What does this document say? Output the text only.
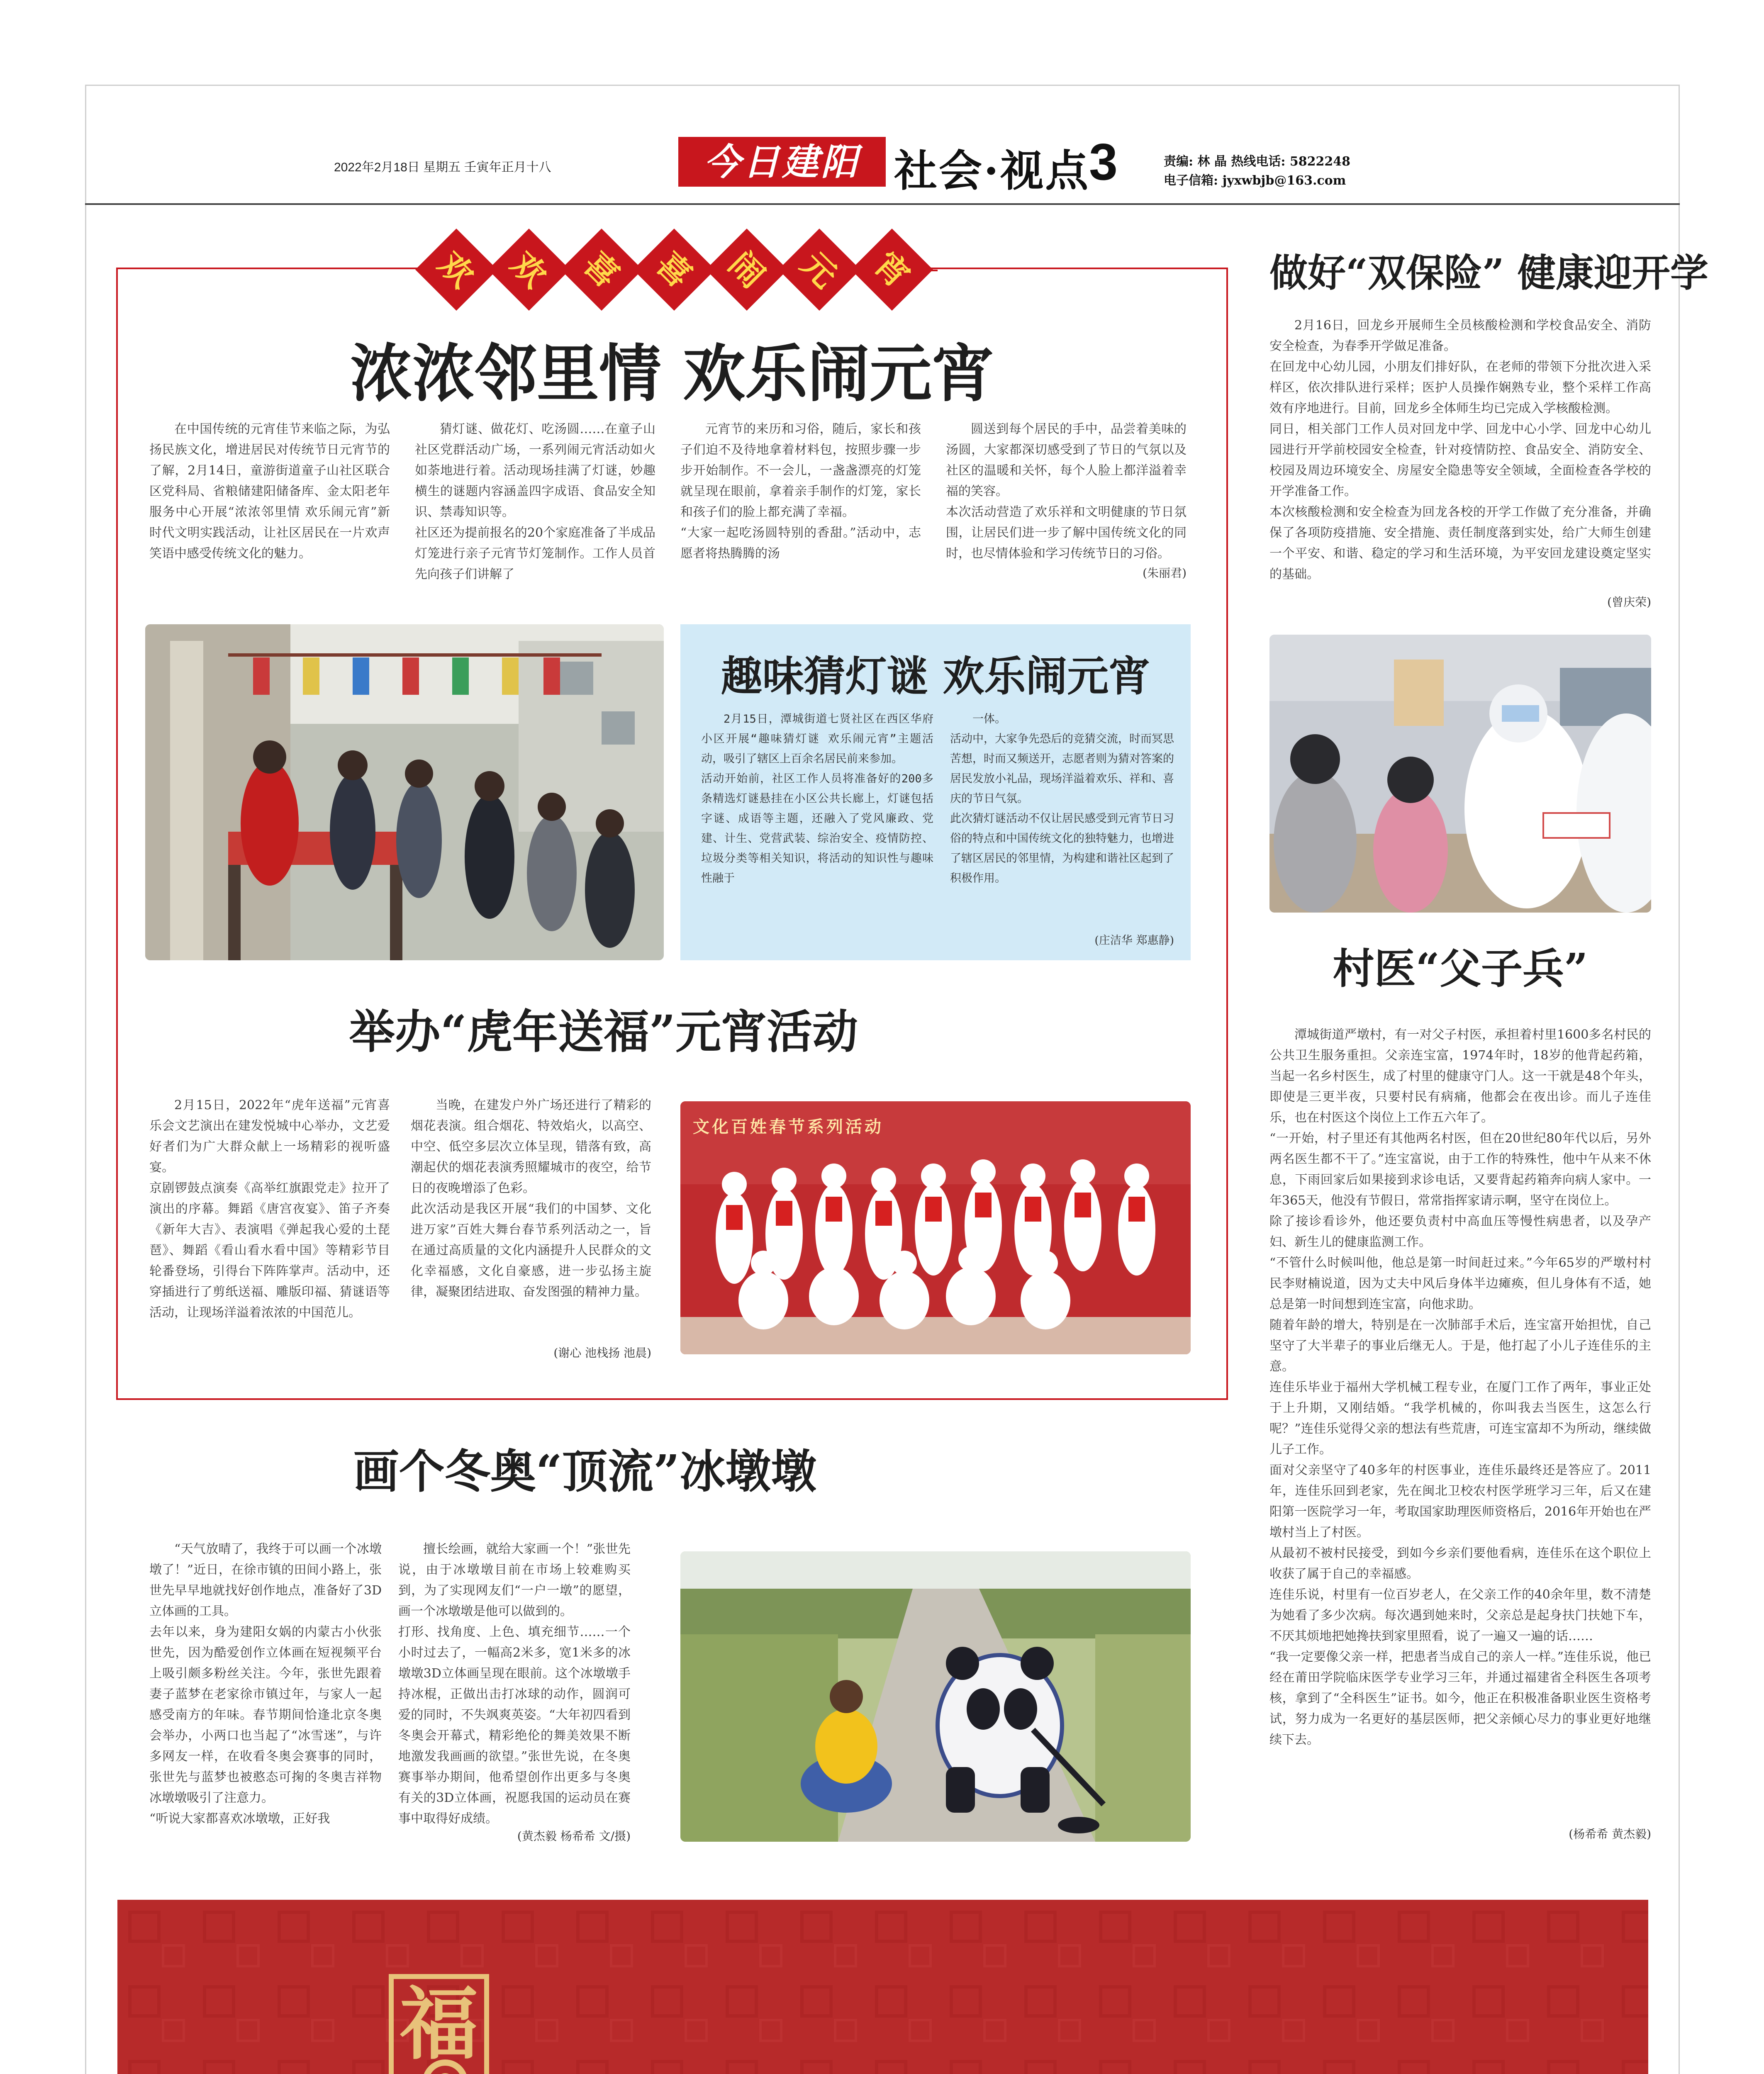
2022年2月18日 星期五 壬寅年正月十八	今日建阳 社会·视点
3	责编: 林 晶 热线电话: 5822248
电子信箱: jyxwbjb@163.com
欢 欢 喜 喜 闹 元 宵
浓浓邻里情 欢乐闹元宵
在中国传统的元宵佳节来临之际，为弘扬民族文化，增进居民对传统节日元宵节的了解，2月14日，童游街道童子山社区联合区党科局、省粮储建阳储备库、金太阳老年服务中心开展“浓浓邻里情 欢乐闹元宵”新时代文明实践活动，让社区居民在一片欢声笑语中感受传统文化的魅力。
猜灯谜、做花灯、吃汤圆……在童子山社区党群活动广场，一系列闹元宵活动如火如荼地进行着。活动现场挂满了灯谜，妙趣横生的谜题内容涵盖四字成语、食品安全知识、禁毒知识等。
社区还为提前报名的20个家庭准备了半成品灯笼进行亲子元宵节灯笼制作。工作人员首先向孩子们讲解了
元宵节的来历和习俗，随后，家长和孩子们迫不及待地拿着材料包，按照步骤一步步开始制作。不一会儿，一盏盏漂亮的灯笼就呈现在眼前，拿着亲手制作的灯笼，家长和孩子们的脸上都充满了幸福。
“大家一起吃汤圆特别的香甜。”活动中，志愿者将热腾腾的汤
圆送到每个居民的手中，品尝着美味的汤圆，大家都深切感受到了节日的气氛以及社区的温暖和关怀，每个人脸上都洋溢着幸福的笑容。
本次活动营造了欢乐祥和文明健康的节日氛围，让居民们进一步了解中国传统文化的同时，也尽情体验和学习传统节日的习俗。
(朱丽君)
趣味猜灯谜 欢乐闹元宵
2月15日，潭城街道七贤社区在西区华府小区开展“趣味猜灯谜 欢乐闹元宵”主题活动，吸引了辖区上百余名居民前来参加。
活动开始前，社区工作人员将准备好的200多条精选灯谜悬挂在小区公共长廊上，灯谜包括字谜、成语等主题，还融入了党风廉政、党建、计生、党营武装、综治安全、疫情防控、垃圾分类等相关知识，将活动的知识性与趣味性融于
一体。
活动中，大家争先恐后的竞猜交流，时而冥思苦想，时而又频送开，志愿者则为猜对答案的居民发放小礼品，现场洋溢着欢乐、祥和、喜庆的节日气氛。
此次猜灯谜活动不仅让居民感受到元宵节日习俗的特点和中国传统文化的独特魅力，也增进了辖区居民的邻里情，为构建和谐社区起到了积极作用。
(庄洁华 郑惠静)
举办“虎年送福”元宵活动
2月15日，2022年“虎年送福”元宵喜乐会文艺演出在建发悦城中心举办，文艺爱好者们为广大群众献上一场精彩的视听盛宴。
京剧锣鼓点演奏《高举红旗跟党走》拉开了演出的序幕。舞蹈《唐宫夜宴》、笛子齐奏《新年大吉》、表演唱《弹起我心爱的土琵琶》、舞蹈《看山看水看中国》等精彩节目轮番登场，引得台下阵阵掌声。活动中，还穿插进行了剪纸送福、雕版印福、猜谜语等活动，让现场洋溢着浓浓的中国范儿。
当晚，在建发户外广场还进行了精彩的烟花表演。组合烟花、特效焰火，以高空、中空、低空多层次立体呈现，错落有致，高潮起伏的烟花表演秀照耀城市的夜空，给节日的夜晚增添了色彩。
此次活动是我区开展“我们的中国梦、文化进万家”百姓大舞台春节系列活动之一，旨在通过高质量的文化内涵提升人民群众的文化幸福感，文化自豪感，进一步弘扬主旋律，凝聚团结进取、奋发图强的精神力量。
(谢心 池栈扬 池晨)
文化百姓春节系列活动
画个冬奥“顶流”冰墩墩
“天气放晴了，我终于可以画一个冰墩墩了！”近日，在徐市镇的田间小路上，张世先早早地就找好创作地点，准备好了3D立体画的工具。
去年以来，身为建阳女娲的内蒙古小伙张世先，因为酷爱创作立体画在短视频平台上吸引颇多粉丝关注。今年，张世先跟着妻子蓝梦在老家徐市镇过年，与家人一起感受南方的年味。春节期间恰逢北京冬奥会举办，小两口也当起了“冰雪迷”，与许多网友一样，在收看冬奥会赛事的同时，张世先与蓝梦也被憨态可掬的冬奥吉祥物冰墩墩吸引了注意力。
“听说大家都喜欢冰墩墩，正好我
擅长绘画，就给大家画一个！”张世先说，由于冰墩墩目前在市场上较难购买到，为了实现网友们“一户一墩”的愿望，画一个冰墩墩是他可以做到的。
打形、找角度、上色、填充细节……一个小时过去了，一幅高2米多，宽1米多的冰墩墩3D立体画呈现在眼前。这个冰墩墩手持冰棍，正做出击打冰球的动作，圆润可爱的同时，不失飒爽英姿。“大年初四看到冬奥会开幕式，精彩绝伦的舞美效果不断地激发我画画的欲望。”张世先说，在冬奥赛事举办期间，他希望创作出更多与冬奥有关的3D立体画，祝愿我国的运动员在赛事中取得好成绩。
(黄杰毅 杨希希 文/摄)
做好“双保险” 健康迎开学
2月16日，回龙乡开展师生全员核酸检测和学校食品安全、消防安全检查，为春季开学做足准备。
在回龙中心幼儿园，小朋友们排好队，在老师的带领下分批次进入采样区，依次排队进行采样；医护人员操作娴熟专业，整个采样工作高效有序地进行。目前，回龙乡全体师生均已完成入学核酸检测。
同日，相关部门工作人员对回龙中学、回龙中心小学、回龙中心幼儿园进行开学前校园安全检查，针对疫情防控、食品安全、消防安全、校园及周边环境安全、房屋安全隐患等安全领域，全面检查各学校的开学准备工作。
本次核酸检测和安全检查为回龙各校的开学工作做了充分准备，并确保了各项防疫措施、安全措施、责任制度落到实处，给广大师生创建一个平安、和谐、稳定的学习和生活环境，为平安回龙建设奠定坚实的基础。
(曾庆荣)
村医“父子兵”
潭城街道严墩村，有一对父子村医，承担着村里1600多名村民的公共卫生服务重担。父亲连宝富，1974年时，18岁的他背起药箱，当起一名乡村医生，成了村里的健康守门人。这一干就是48个年头，即使是三更半夜，只要村民有病痛，他都会在夜出诊。而儿子连佳乐，也在村医这个岗位上工作五六年了。
“一开始，村子里还有其他两名村医，但在20世纪80年代以后，另外两名医生都不干了。”连宝富说，由于工作的特殊性，他中午从来不休息，下雨回家后如果接到求诊电话，又要背起药箱奔向病人家中。一年365天，他没有节假日，常常指挥家请示啊，坚守在岗位上。
除了接诊看诊外，他还要负责村中高血压等慢性病患者，以及孕产妇、新生儿的健康监测工作。
“不管什么时候叫他，他总是第一时间赶过来。”今年65岁的严墩村村民李财楠说道，因为丈夫中风后身体半边瘫痪，但儿身体有不适，她总是第一时间想到连宝富，向他求助。
随着年龄的增大，特别是在一次肺部手术后，连宝富开始担忧，自己坚守了大半辈子的事业后继无人。于是，他打起了小儿子连佳乐的主意。
连佳乐毕业于福州大学机械工程专业，在厦门工作了两年，事业正处于上升期，又刚结婚。“我学机械的，你叫我去当医生，这怎么行呢？”连佳乐觉得父亲的想法有些荒唐，可连宝富却不为所动，继续做儿子工作。
面对父亲坚守了40多年的村医事业，连佳乐最终还是答应了。2011年，连佳乐回到老家，先在闽北卫校农村医学班学习三年，后又在建阳第一医院学习一年，考取国家助理医师资格后，2016年开始也在严墩村当上了村医。
从最初不被村民接受，到如今乡亲们要他看病，连佳乐在这个职位上收获了属于自己的幸福感。
连佳乐说，村里有一位百岁老人，在父亲工作的40余年里，数不清楚为她看了多少次病。每次遇到她来时，父亲总是起身扶门扶她下车，不厌其烦地把她搀扶到家里照看，说了一遍又一遍的话……
“我一定要像父亲一样，把患者当成自己的亲人一样。”连佳乐说，他已经在莆田学院临床医学专业学习三年，并通过福建省全科医生各项考核，拿到了“全科医生”证书。如今，他正在积极准备职业医生资格考试，努力成为一名更好的基层医师，把父亲倾心尽力的事业更好地继续下去。
(杨希希 黄杰毅)
福
